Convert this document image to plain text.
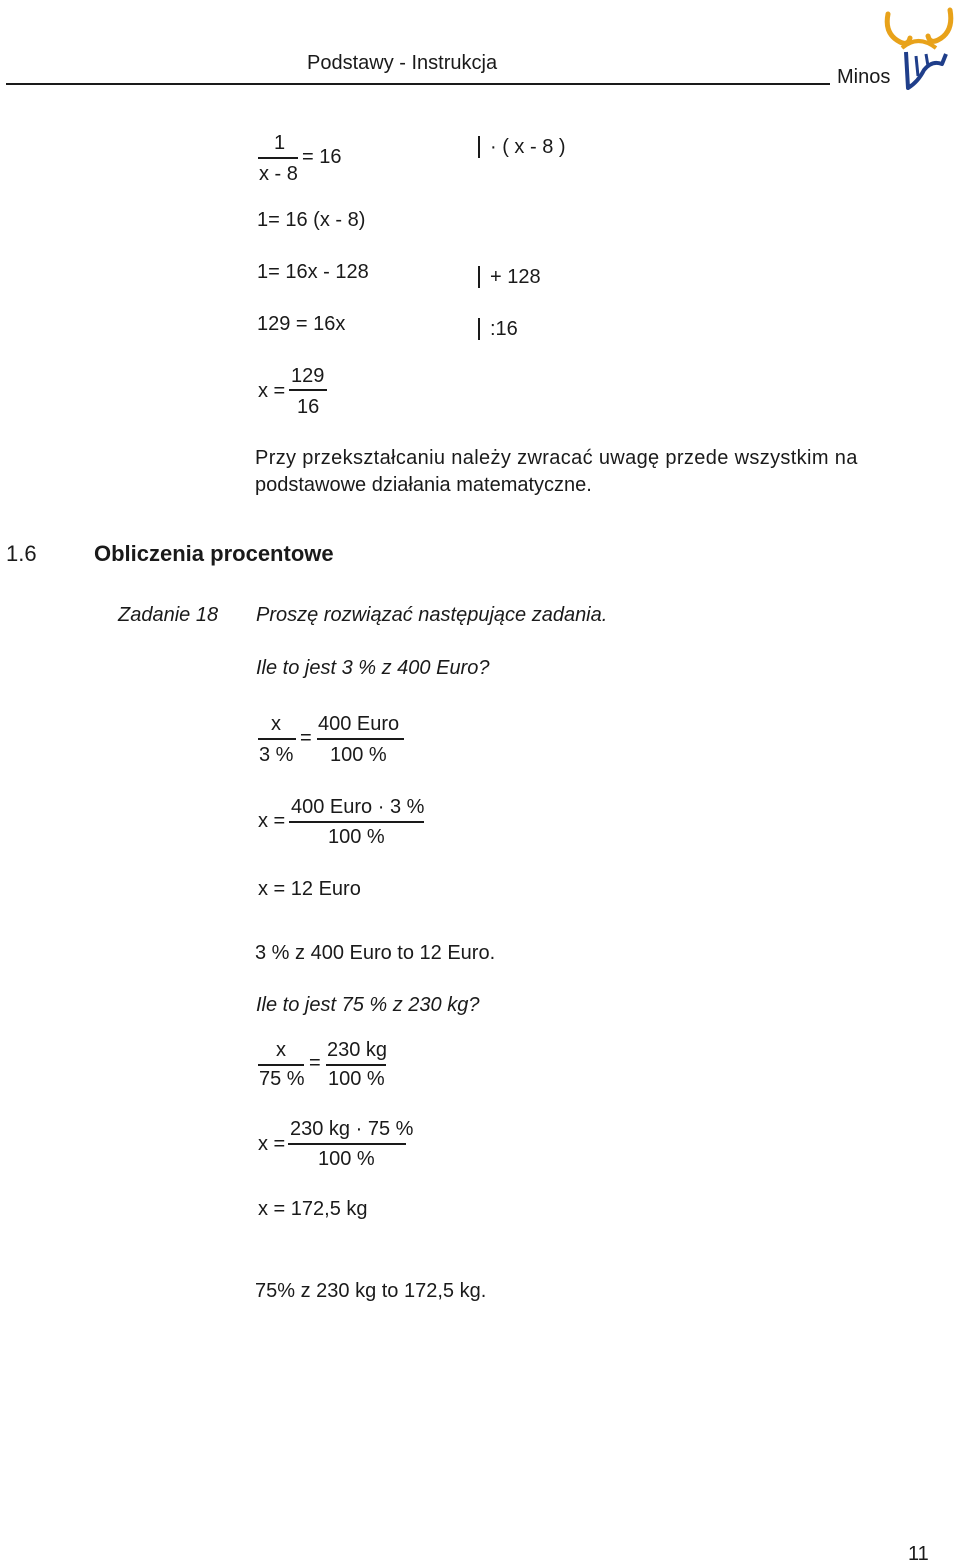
Podstawy - Instrukcja
Minos
1
x - 8
= 16	· ( x - 8 )
1= 16 (x - 8)
1= 16x - 128	+ 128
129 = 16x	:16
x =
129
16
Przy przekształcaniu należy zwracać uwagę przede wszystkim na
podstawowe działania matematyczne.
1.6	Obliczenia procentowe
Zadanie 18 Proszę rozwiązać następujące zadania.
Ile to jest 3 % z 400 Euro?
x
3 %
=
400 Euro
100 %
x =
400 Euro · 3 %
100 %
x = 12 Euro
3 % z 400 Euro to 12 Euro.
Ile to jest 75 % z 230 kg?
x
75 %
=
230 kg
100 %
x =
230 kg · 75 %
100 %
x = 172,5 kg
75% z 230 kg to 172,5 kg.
11
